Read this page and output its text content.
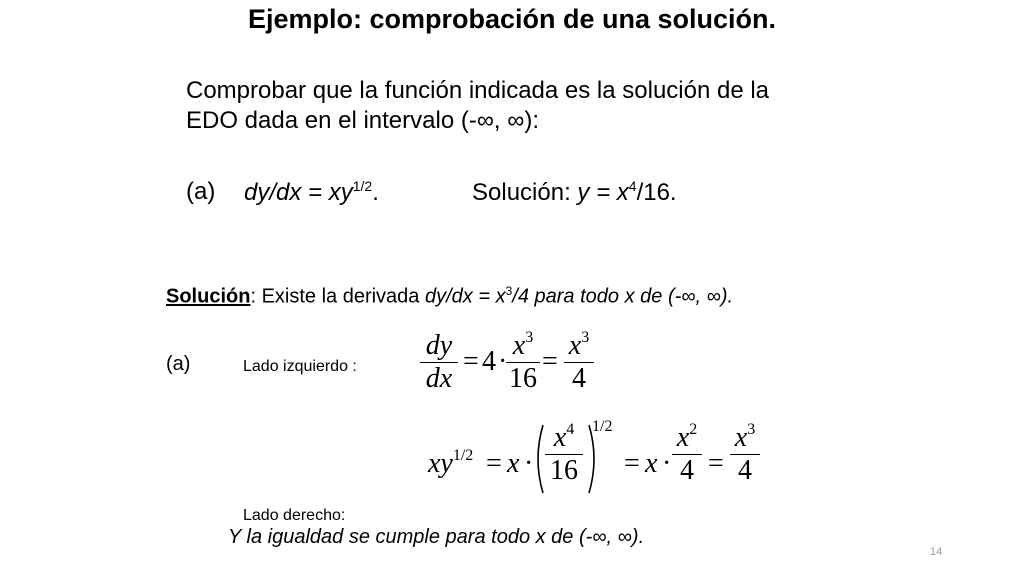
Ejemplo: comprobación de una solución.
Comprobar que la función indicada es la solución de la
EDO dada en el intervalo (-∞, ∞):
(a) $dy/dx = xy^{1/2}$.	Solución: $y = x^4/16$.
Solución: Existe la derivada $dy/dx = x^3/4$ para todo x de (-∞, ∞).
(a)	Lado izquierdo :
dy
dx
= 4 ·
$x^3$
16
=
$x^3$
4
$xy^{1/2} = x$ ·
$x^4$
16
1/2
= x ·
$x^2$
4 =
$x^3$
4
Lado derecho:
Y la igualdad se cumple para todo x de (-∞, ∞).
14
